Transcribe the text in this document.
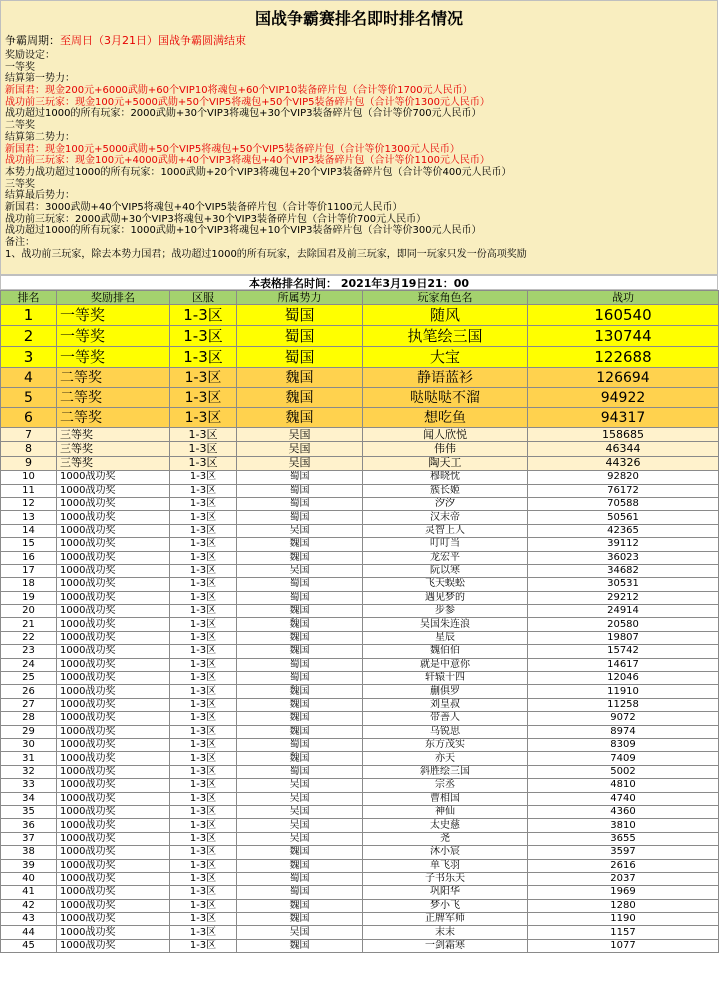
国战争霸赛排名即时排名情况
争霸周期：至周日（3月21日）国战争霸圆满结束
奖励设定：
一等奖
结算第一势力：
新国君：现金200元+6000武勋+60个VIP10将魂包+60个VIP10装备碎片包（合计等价1700元人民币）
战功前三玩家：现金100元+5000武勋+50个VIP5将魂包+50个VIP5装备碎片包（合计等价1300元人民币）
战功超过1000的所有玩家：2000武勋+30个VIP3将魂包+30个VIP3装备碎片包（合计等价700元人民币）
二等奖
结算第二势力：
新国君：现金100元+5000武勋+50个VIP5将魂包+50个VIP5装备碎片包（合计等价1300元人民币）
战功前三玩家：现金100元+4000武勋+40个VIP3将魂包+40个VIP3装备碎片包（合计等价1100元人民币）
本势力战功超过1000的所有玩家：1000武勋+20个VIP3将魂包+20个VIP3装备碎片包（合计等价400元人民币）
三等奖
结算最后势力：
新国君：3000武勋+40个VIP5将魂包+40个VIP5装备碎片包（合计等价1100元人民币）
战功前三玩家：2000武勋+30个VIP3将魂包+30个VIP3装备碎片包（合计等价700元人民币）
战功超过1000的所有玩家：1000武勋+10个VIP3将魂包+10个VIP3装备碎片包（合计等价300元人民币）
备注：
1、战功前三玩家，除去本势力国君；战功超过1000的所有玩家，去除国君及前三玩家，即同一玩家只发一份高项奖励
本表格排名时间： 2021年3月19日21：00
排名	奖励排名	区服	所属势力	玩家角色名	战功
1	一等奖	1-3区	蜀国	随风	160540
2	一等奖	1-3区	蜀国	执笔绘三国	130744
3	一等奖	1-3区	蜀国	大宝	122688
4	二等奖	1-3区	魏国	静语蓝衫	126694
5	二等奖	1-3区	魏国	哒哒哒不溜	94922
6	二等奖	1-3区	魏国	想吃鱼	94317
7	三等奖	1-3区	吴国	闻人欣悦	158685
8	三等奖	1-3区	吴国	伟伟	46344
9	三等奖	1-3区	吴国	陶天工	44326
10	1000战功奖	1-3区	蜀国	穆晓忱	92820
11	1000战功奖	1-3区	蜀国	簇长姬	76172
12	1000战功奖	1-3区	蜀国	汐汐	70588
13	1000战功奖	1-3区	蜀国	汉末帝	50561
14	1000战功奖	1-3区	吴国	灵智上人	42365
15	1000战功奖	1-3区	魏国	叮叮当	39112
16	1000战功奖	1-3区	魏国	龙宏平	36023
17	1000战功奖	1-3区	吴国	阮以寒	34682
18	1000战功奖	1-3区	蜀国	飞天蜈蚣	30531
19	1000战功奖	1-3区	蜀国	遇见梦的	29212
20	1000战功奖	1-3区	魏国	步参	24914
21	1000战功奖	1-3区	魏国	吴国朱连浪	20580
22	1000战功奖	1-3区	魏国	星辰	19807
23	1000战功奖	1-3区	魏国	魏伯伯	15742
24	1000战功奖	1-3区	蜀国	就是中意你	14617
25	1000战功奖	1-3区	蜀国	轩辕十四	12046
26	1000战功奖	1-3区	魏国	蒯俱罗	11910
27	1000战功奖	1-3区	魏国	刘皇叔	11258
28	1000战功奖	1-3区	魏国	带善人	9072
29	1000战功奖	1-3区	魏国	乌锐思	8974
30	1000战功奖	1-3区	蜀国	东方茂实	8309
31	1000战功奖	1-3区	魏国	亦天	7409
32	1000战功奖	1-3区	蜀国	斜胜绘三国	5002
33	1000战功奖	1-3区	吴国	宗丞	4810
34	1000战功奖	1-3区	吴国	曹相国	4740
35	1000战功奖	1-3区	吴国	神仙	4360
36	1000战功奖	1-3区	吴国	太史慈	3810
37	1000战功奖	1-3区	吴国	尧	3655
38	1000战功奖	1-3区	魏国	沐小宸	3597
39	1000战功奖	1-3区	魏国	单飞羽	2616
40	1000战功奖	1-3区	蜀国	子书乐天	2037
41	1000战功奖	1-3区	蜀国	巩阳华	1969
42	1000战功奖	1-3区	魏国	梦小飞	1280
43	1000战功奖	1-3区	魏国	正牌军师	1190
44	1000战功奖	1-3区	吴国	末末	1157
45	1000战功奖	1-3区	魏国	一剑霜寒	1077
